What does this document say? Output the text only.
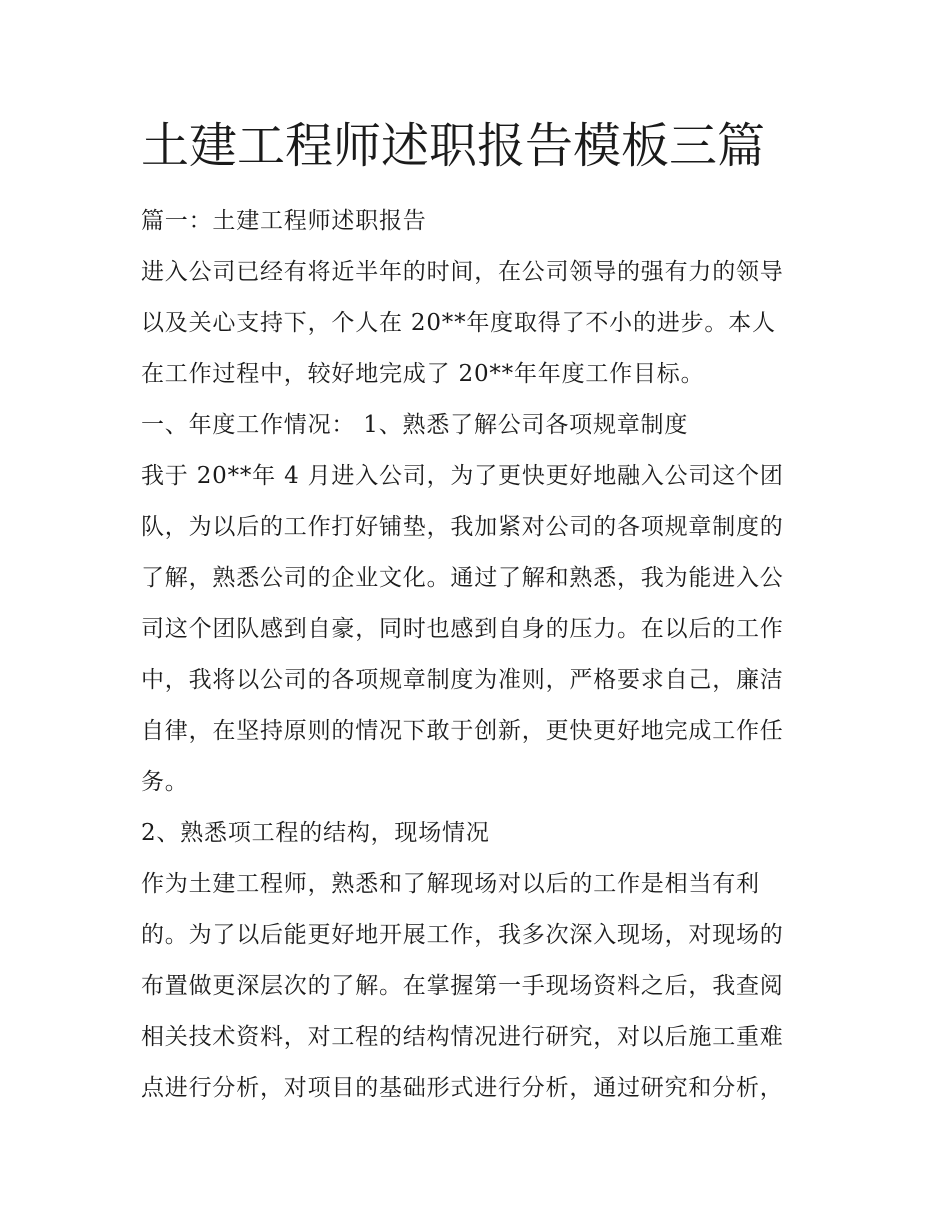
土建工程师述职报告模板三篇
篇一：土建工程师述职报告
进入公司已经有将近半年的时间，在公司领导的强有力的领导
以及关心支持下，个人在 20**年度取得了不小的进步。本人
在工作过程中，较好地完成了 20**年年度工作目标。
一、年度工作情况： 1、熟悉了解公司各项规章制度
我于 20**年 4 月进入公司，为了更快更好地融入公司这个团
队，为以后的工作打好铺垫，我加紧对公司的各项规章制度的
了解，熟悉公司的企业文化。通过了解和熟悉，我为能进入公
司这个团队感到自豪，同时也感到自身的压力。在以后的工作
中，我将以公司的各项规章制度为准则，严格要求自己，廉洁
自律，在坚持原则的情况下敢于创新，更快更好地完成工作任
务。
2、熟悉项工程的结构，现场情况
作为土建工程师，熟悉和了解现场对以后的工作是相当有利
的。为了以后能更好地开展工作，我多次深入现场，对现场的
布置做更深层次的了解。在掌握第一手现场资料之后，我查阅
相关技术资料，对工程的结构情况进行研究，对以后施工重难
点进行分析，对项目的基础形式进行分析，通过研究和分析，
